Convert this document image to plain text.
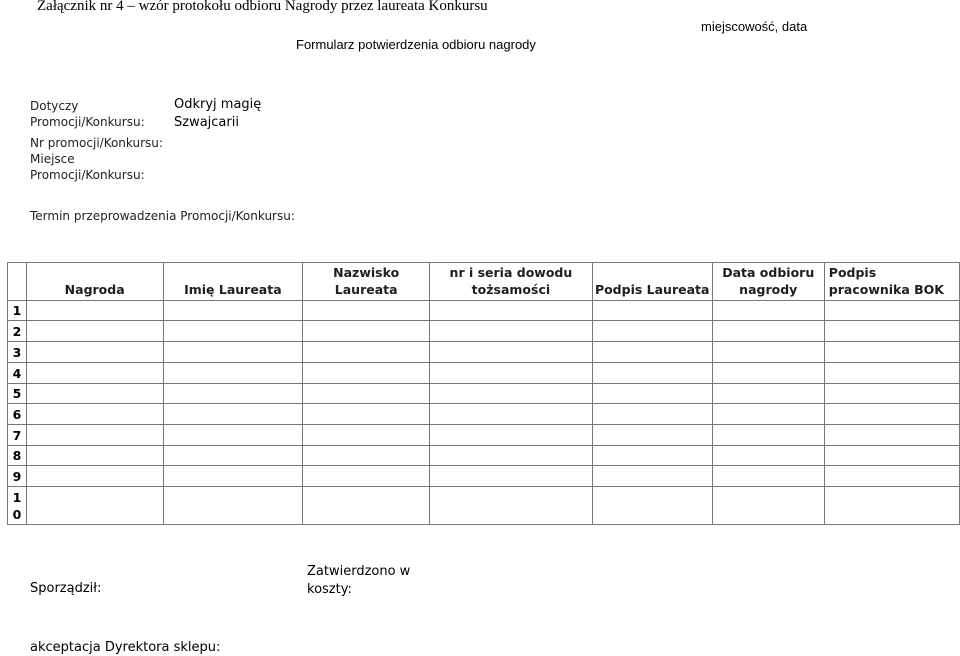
Załącznik nr 4 – wzór protokołu odbioru Nagrody przez laureata Konkursu
Formularz potwierdzenia odbioru nagrody
miejscowość, data
Dotyczy Promocji/Konkursu:
Odkryj magię Szwajcarii
Nr promocji/Konkursu:
Miejsce Promocji/Konkursu:
Termin przeprowadzenia Promocji/Konkursu:
	Nagroda	Imię Laureata	Nazwisko Laureata	nr i seria dowodu tożsamości	Podpis Laureata	Data odbioru nagrody	Podpis pracownika BOK
1							
2							
3							
4							
5							
6							
7							
8							
9							
1 0							
Sporządził:
Zatwierdzono w koszty:
akceptacja Dyrektora sklepu:
